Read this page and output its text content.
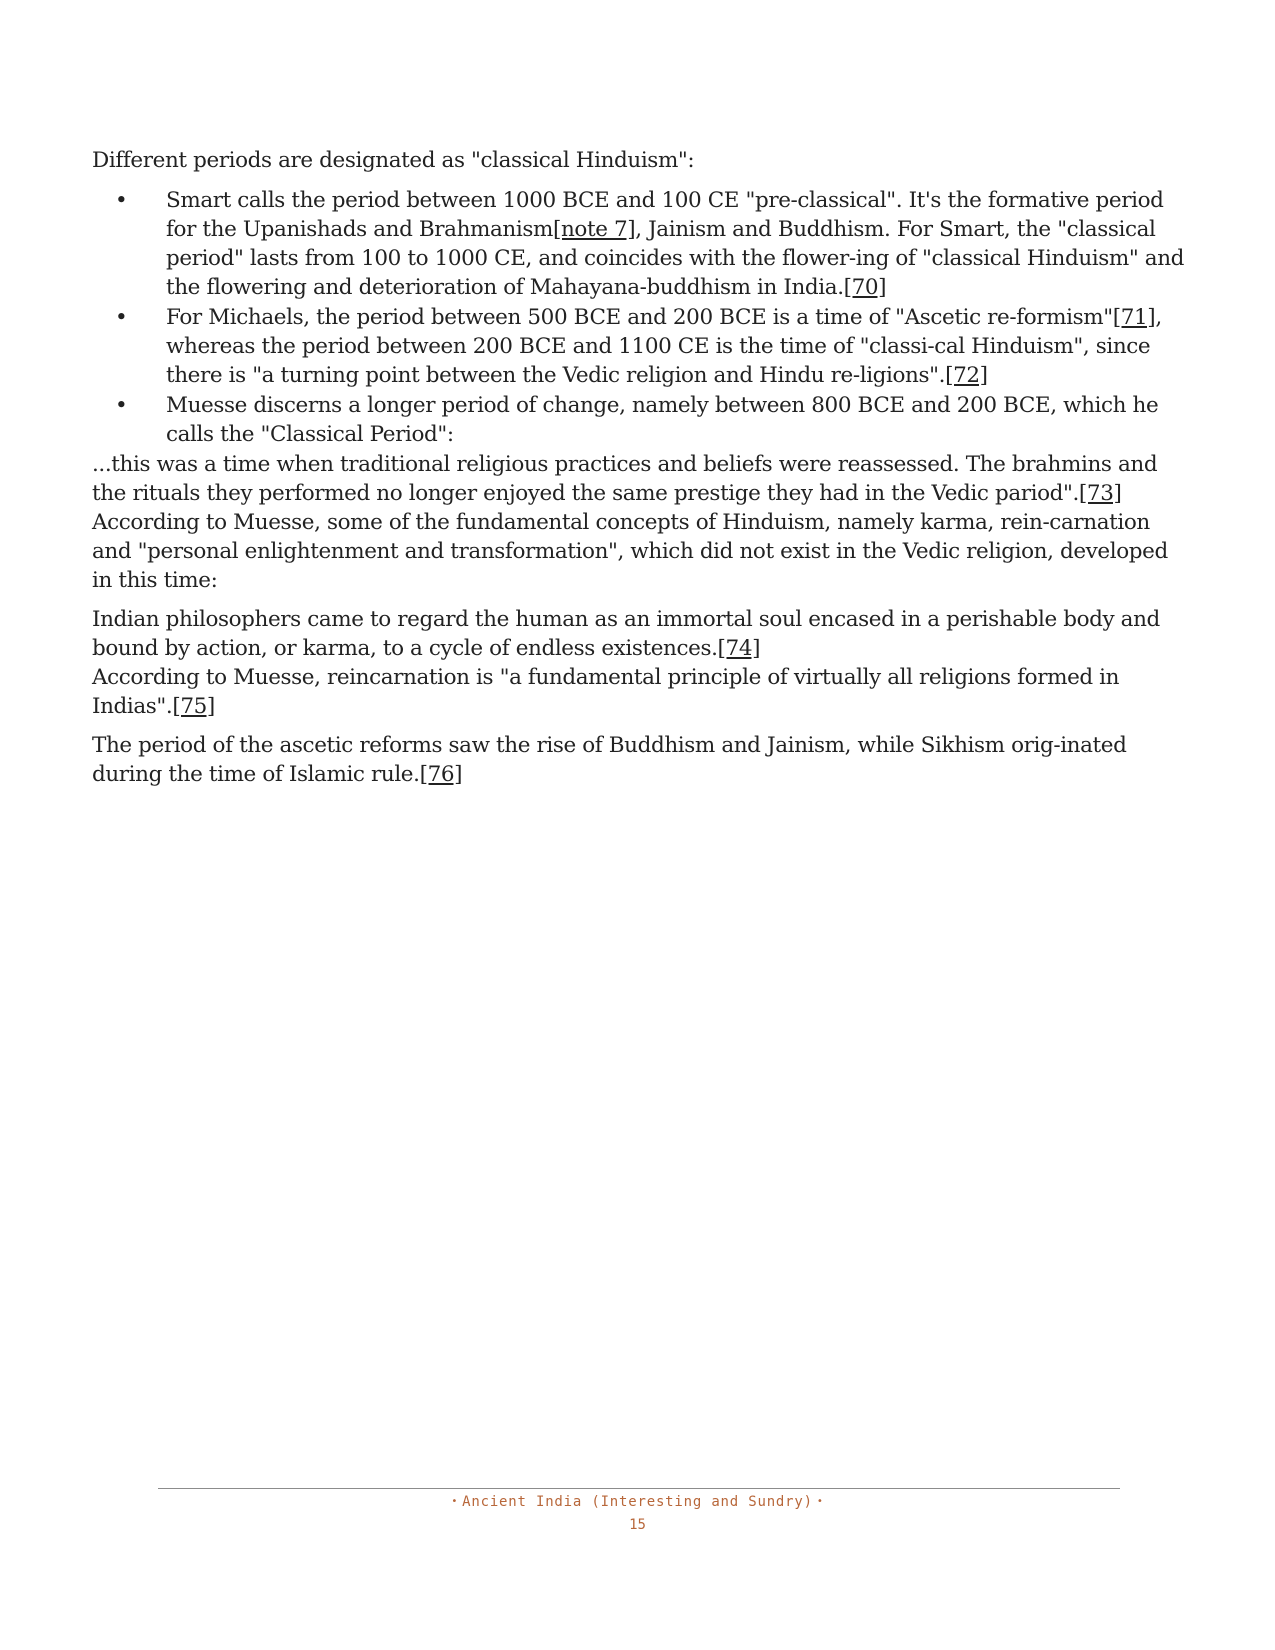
Different periods are designated as "classical Hinduism":

• Smart calls the period between 1000 BCE and 100 CE "pre-classical". It's the formative period for the Upanishads and Brahmanism[note 7], Jainism and Buddhism. For Smart, the "classical period" lasts from 100 to 1000 CE, and coincides with the flower-ing of "classical Hinduism" and the flowering and deterioration of Mahayana-buddhism in India.[70]
• For Michaels, the period between 500 BCE and 200 BCE is a time of "Ascetic re-formism"[71], whereas the period between 200 BCE and 1100 CE is the time of "classi-cal Hinduism", since there is "a turning point between the Vedic religion and Hindu re-ligions".[72]
• Muesse discerns a longer period of change, namely between 800 BCE and 200 BCE, which he calls the "Classical Period":

...this was a time when traditional religious practices and beliefs were reassessed. The brahmins and the rituals they performed no longer enjoyed the same prestige they had in the Vedic pariod".[73]

According to Muesse, some of the fundamental concepts of Hinduism, namely karma, rein-carnation and "personal enlightenment and transformation", which did not exist in the Vedic religion, developed in this time:

Indian philosophers came to regard the human as an immortal soul encased in a perishable body and bound by action, or karma, to a cycle of endless existences.[74]

According to Muesse, reincarnation is "a fundamental principle of virtually all religions formed in Indias".[75]

The period of the ascetic reforms saw the rise of Buddhism and Jainism, while Sikhism orig-inated during the time of Islamic rule.[76]

• Ancient India (Interesting and Sundry) •
15
